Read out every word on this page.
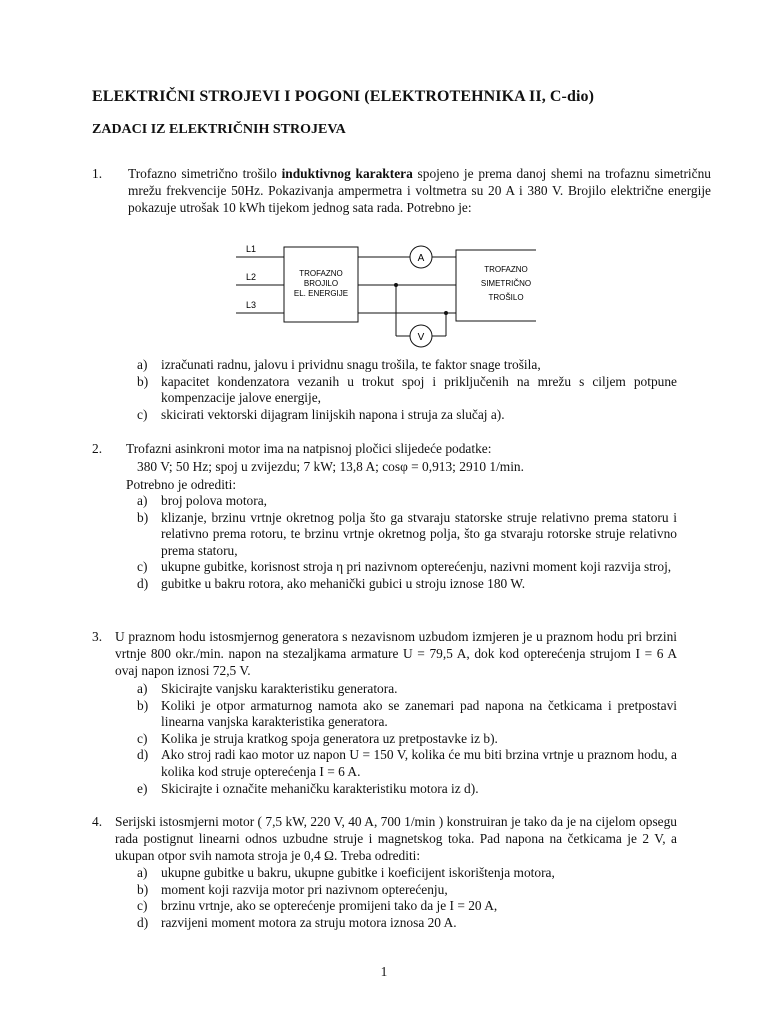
ELEKTRIČNI STROJEVI I POGONI (ELEKTROTEHNIKA II, C-dio)
ZADACI IZ ELEKTRIČNIH STROJEVA
1. Trofazno simetrično trošilo induktivnog karaktera spojeno je prema danoj shemi na trofaznu simetričnu mrežu frekvencije 50Hz. Pokazivanja ampermetra i voltmetra su 20 A i 380 V. Brojilo električne energije pokazuje utrošak 10 kWh tijekom jednog sata rada. Potrebno je:
A
V
L1
L2
L3
TROFAZNO
BROJILO
EL. ENERGIJE
TROFAZNO
SIMETRIČNO
TROŠILO
a) izračunati radnu, jalovu i prividnu snagu trošila, te faktor snage trošila,
b) kapacitet kondenzatora vezanih u trokut spoj i priključenih na mrežu s ciljem potpune kompenzacije jalove energije,
c) skicirati vektorski dijagram linijskih napona i struja za slučaj a).
2. Trofazni asinkroni motor ima na natpisnoj pločici slijedeće podatke:
380 V; 50 Hz; spoj u zvijezdu; 7 kW; 13,8 A; cosφ = 0,913; 2910 1/min.
Potrebno je odrediti:
a) broj polova motora,
b) klizanje, brzinu vrtnje okretnog polja što ga stvaraju statorske struje relativno prema statoru i relativno prema rotoru, te brzinu vrtnje okretnog polja, što ga stvaraju rotorske struje relativno prema statoru,
c) ukupne gubitke, korisnost stroja η pri nazivnom opterećenju, nazivni moment koji razvija stroj,
d) gubitke u bakru rotora, ako mehanički gubici u stroju iznose 180 W.
3. U praznom hodu istosmjernog generatora s nezavisnom uzbudom izmjeren je u praznom hodu pri brzini vrtnje 800 okr./min. napon na stezaljkama armature U = 79,5 A, dok kod opterećenja strujom I = 6 A ovaj napon iznosi 72,5 V.
a) Skicirajte vanjsku karakteristiku generatora.
b) Koliki je otpor armaturnog namota ako se zanemari pad napona na četkicama i pretpostavi linearna vanjska karakteristika generatora.
c) Kolika je struja kratkog spoja generatora uz pretpostavke iz b).
d) Ako stroj radi kao motor uz napon U = 150 V, kolika će mu biti brzina vrtnje u praznom hodu, a kolika kod struje opterećenja I = 6 A.
e) Skicirajte i označite mehaničku karakteristiku motora iz d).
4. Serijski istosmjerni motor ( 7,5 kW, 220 V, 40 A, 700 1/min ) konstruiran je tako da je na cijelom opsegu rada postignut linearni odnos uzbudne struje i magnetskog toka. Pad napona na četkicama je 2 V, a ukupan otpor svih namota stroja je 0,4 Ω. Treba odrediti:
a) ukupne gubitke u bakru, ukupne gubitke i koeficijent iskorištenja motora,
b) moment koji razvija motor pri nazivnom opterećenju,
c) brzinu vrtnje, ako se opterećenje promijeni tako da je I = 20 A,
d) razvijeni moment motora za struju motora iznosa 20 A.
1
